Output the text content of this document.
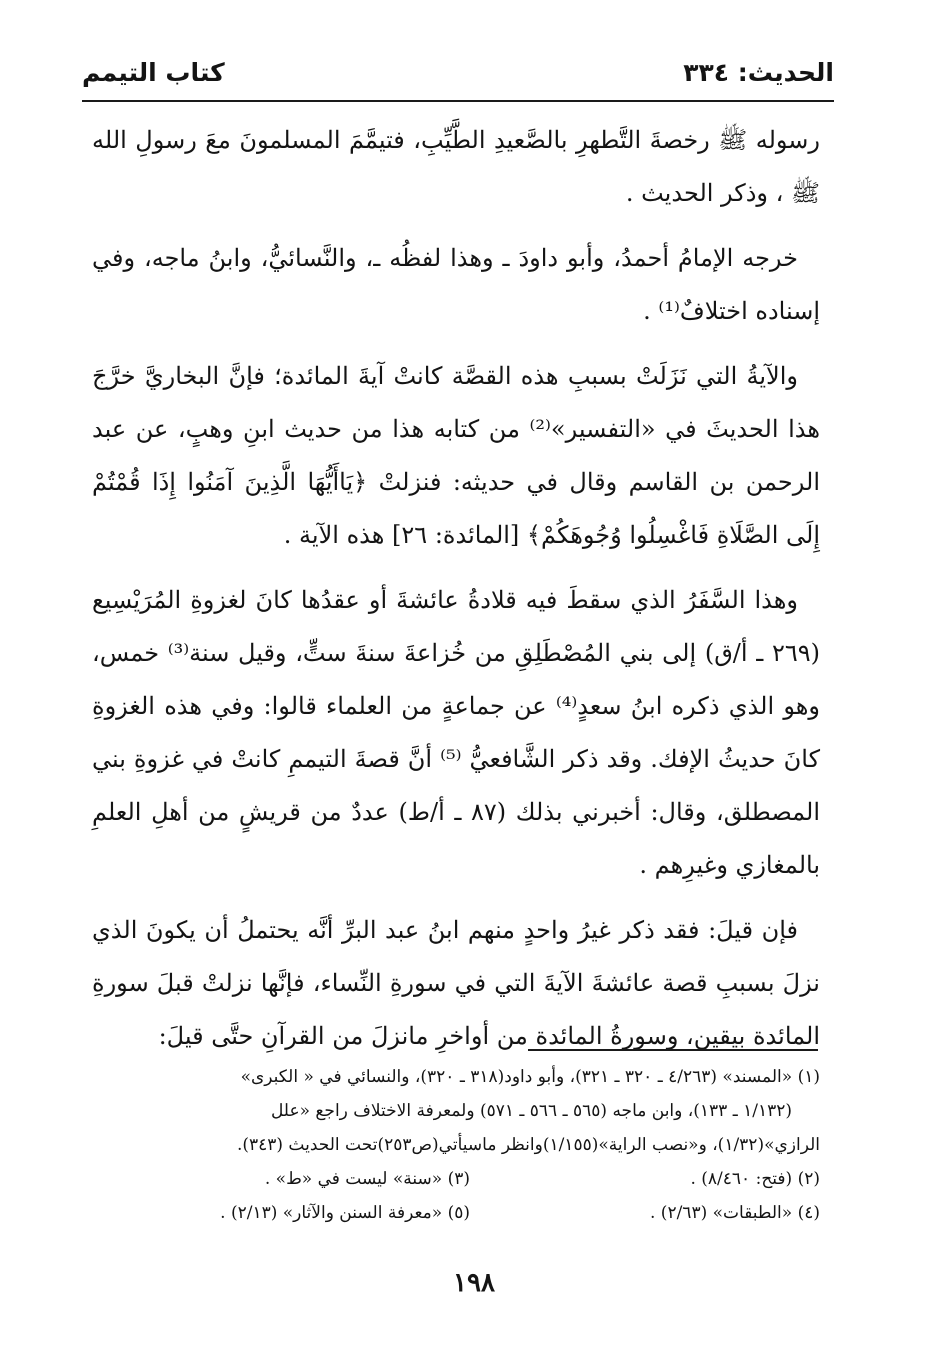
الحديث: ٣٣٤
كتاب التيمم

رسوله ﷺ رخصةَ التَّطهرِ بالصَّعيدِ الطَّيِّبِ، فتيمَّمَ المسلمونَ معَ رسولِ الله ﷺ ، وذكر الحديث .

خرجه الإمامُ أحمدُ، وأبو داودَ ـ وهذا لفظُه ـ، والنَّسائيُّ، وابنُ ماجه، وفي إسناده اختلافٌ⁽¹⁾ .

والآيةُ التي نَزَلَتْ بسببِ هذه القصَّة كانتْ آيةَ المائدة؛ فإنَّ البخاريَّ خرَّجَ هذا الحديثَ في «التفسير»⁽²⁾ من كتابه هذا من حديث ابنِ وهبٍ، عن عبد الرحمن بن القاسم وقال في حديثه: فنزلتْ ﴿يَاأَيُّهَا الَّذِينَ آمَنُوا إِذَا قُمْتُمْ إِلَى الصَّلَاةِ فَاغْسِلُوا وُجُوهَكُمْ﴾ [المائدة: ٢٦] هذه الآية .

وهذا السَّفَرُ الذي سقطَ فيه قلادةُ عائشةَ أو عقدُها كانَ لغزوةِ المُرَيْسِيع (٢٦٩ ـ أ/ق) إلى بني المُصْطَلِقِ من خُزاعةَ سنةَ ستٍّ، وقيل سنة⁽³⁾ خمس، وهو الذي ذكره ابنُ سعدٍ⁽⁴⁾ عن جماعةٍ من العلماء قالوا: وفي هذه الغزوةِ كانَ حديثُ الإفك. وقد ذكر الشَّافعيُّ ⁽⁵⁾ أنَّ قصةَ التيممِ كانتْ في غزوةِ بني المصطلق، وقال: أخبرني بذلك (٨٧ ـ أ/ط) عددٌ من قريشٍ من أهلِ العلمِ بالمغازي وغيرِهم .

فإن قيلَ: فقد ذكر غيرُ واحدٍ منهم ابنُ عبد البرِّ أنَّه يحتملُ أن يكونَ الذي نزلَ بسببِ قصة عائشةَ الآيةَ التي في سورةِ النِّساء، فإنَّها نزلتْ قبلَ سورةِ المائدة بيقين، وسورةُ المائدة من أواخرِ مانزلَ من القرآنِ حتَّى قيلَ:

(١) «المسند» (٤/٢٦٣ ـ ٣٢٠ ـ ٣٢١)، وأبو داود(٣١٨ ـ ٣٢٠)، والنسائي في « الكبرى»

(١/١٣٢ ـ ١٣٣)، وابن ماجه (٥٦٥ ـ ٥٦٦ ـ ٥٧١) ولمعرفة الاختلاف راجع «علل

الرازي»(١/٣٢)، و«نصب الراية»(١/١٥٥)وانظر ماسيأتي(ص٢٥٣)تحت الحديث (٣٤٣).

(٢) (فتح: ٨/٤٦٠) .
(٣) «سنة» ليست في «ط» .
(٤) «الطبقات» (٢/٦٣) .
(٥) «معرفة السنن والآثار» (٢/١٣) .
١٩٨
